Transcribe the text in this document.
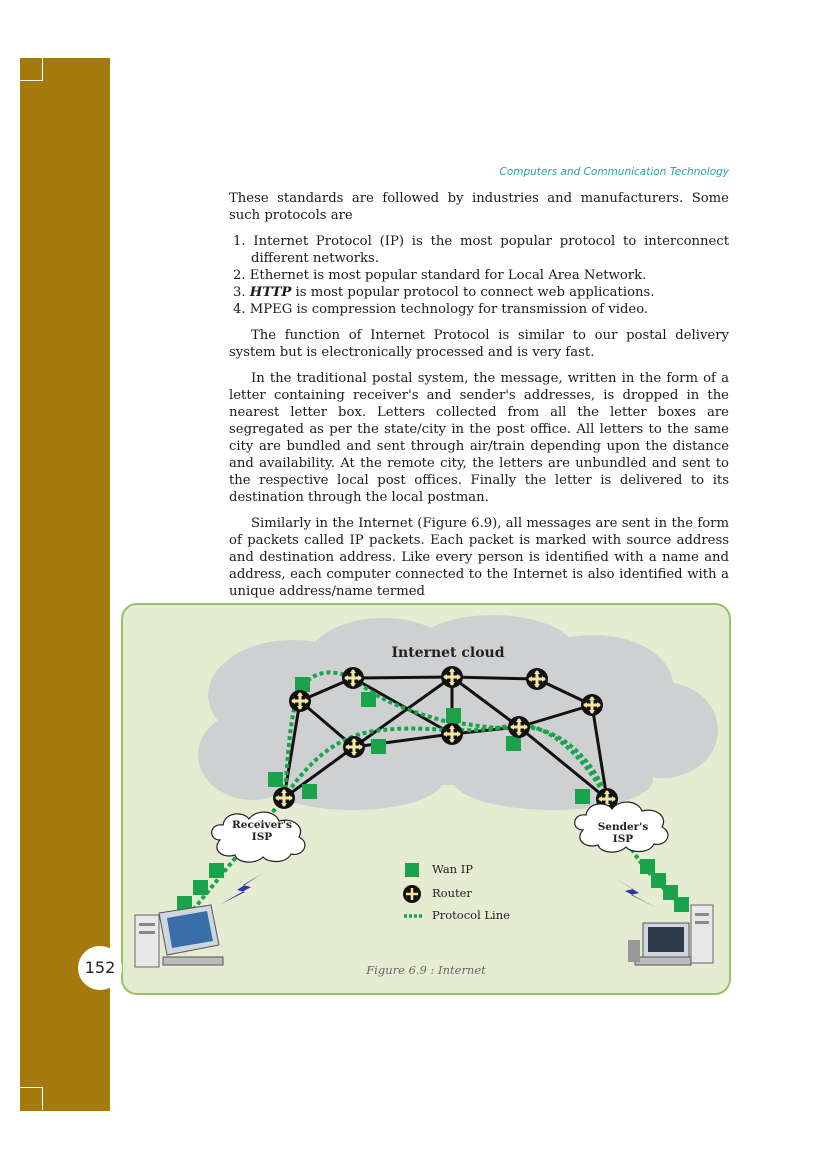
Computers and Communication Technology

These standards are followed by industries and manufacturers. Some such protocols are

1. Internet Protocol (IP) is the most popular protocol to interconnect different networks.
2. Ethernet is most popular standard for Local Area Network.
3. HTTP is most popular protocol to connect web applications.
4. MPEG is compression technology for transmission of video.

The function of Internet Protocol is similar to our postal delivery system but is electronically processed and is very fast.

In the traditional postal system, the message, written in the form of a letter containing receiver's and sender's addresses, is dropped in the nearest letter box. Letters collected from all the letter boxes are segregated as per the state/city in the post office. All letters to the same city are bundled and sent through air/train depending upon the distance and availability. At the remote city, the letters are unbundled and sent to the respective local post offices. Finally the letter is delivered to its destination through the local postman.

Similarly in the Internet (Figure 6.9), all messages are sent in the form of packets called IP packets. Each packet is marked with source address and destination address. Like every person is identified with a name and address, each computer connected to the Internet is also identified with a unique address/name termed

Internet cloud
Receiver's
ISP
Sender's
ISP
Wan IP
Router
Protocol Line
Figure 6.9 : Internet
152
